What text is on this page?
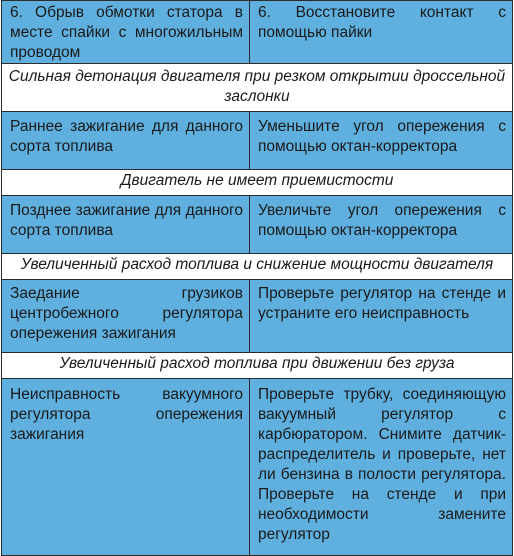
6. Обрыв обмотки статора в месте спайки с многожильным проводом	6. Восстановите контакт с помощью пайки
Сильная детонация двигателя при резком открытии дроссельной заслонки	
Раннее зажигание для данного сорта топлива	Уменьшите угол опережения с помощью октан-корректора
Двигатель не имеет приемистости	
Позднее зажигание для данного сорта топлива	Увеличьте угол опережения с помощью октан-корректора
Увеличенный расход топлива и снижение мощности двигателя	
Заедание грузиков центробежного регулятора опережения зажигания	Проверьте регулятор на стенде и устраните его неисправность
Увеличенный расход топлива при движении без груза	
Неисправность вакуумного регулятора опережения зажигания	Проверьте трубку, соединяющую вакуумный регулятор с карбюратором. Снимите датчик-распределитель и проверьте, нет ли бензина в полости регулятора. Проверьте на стенде и при необходимости замените регулятор
